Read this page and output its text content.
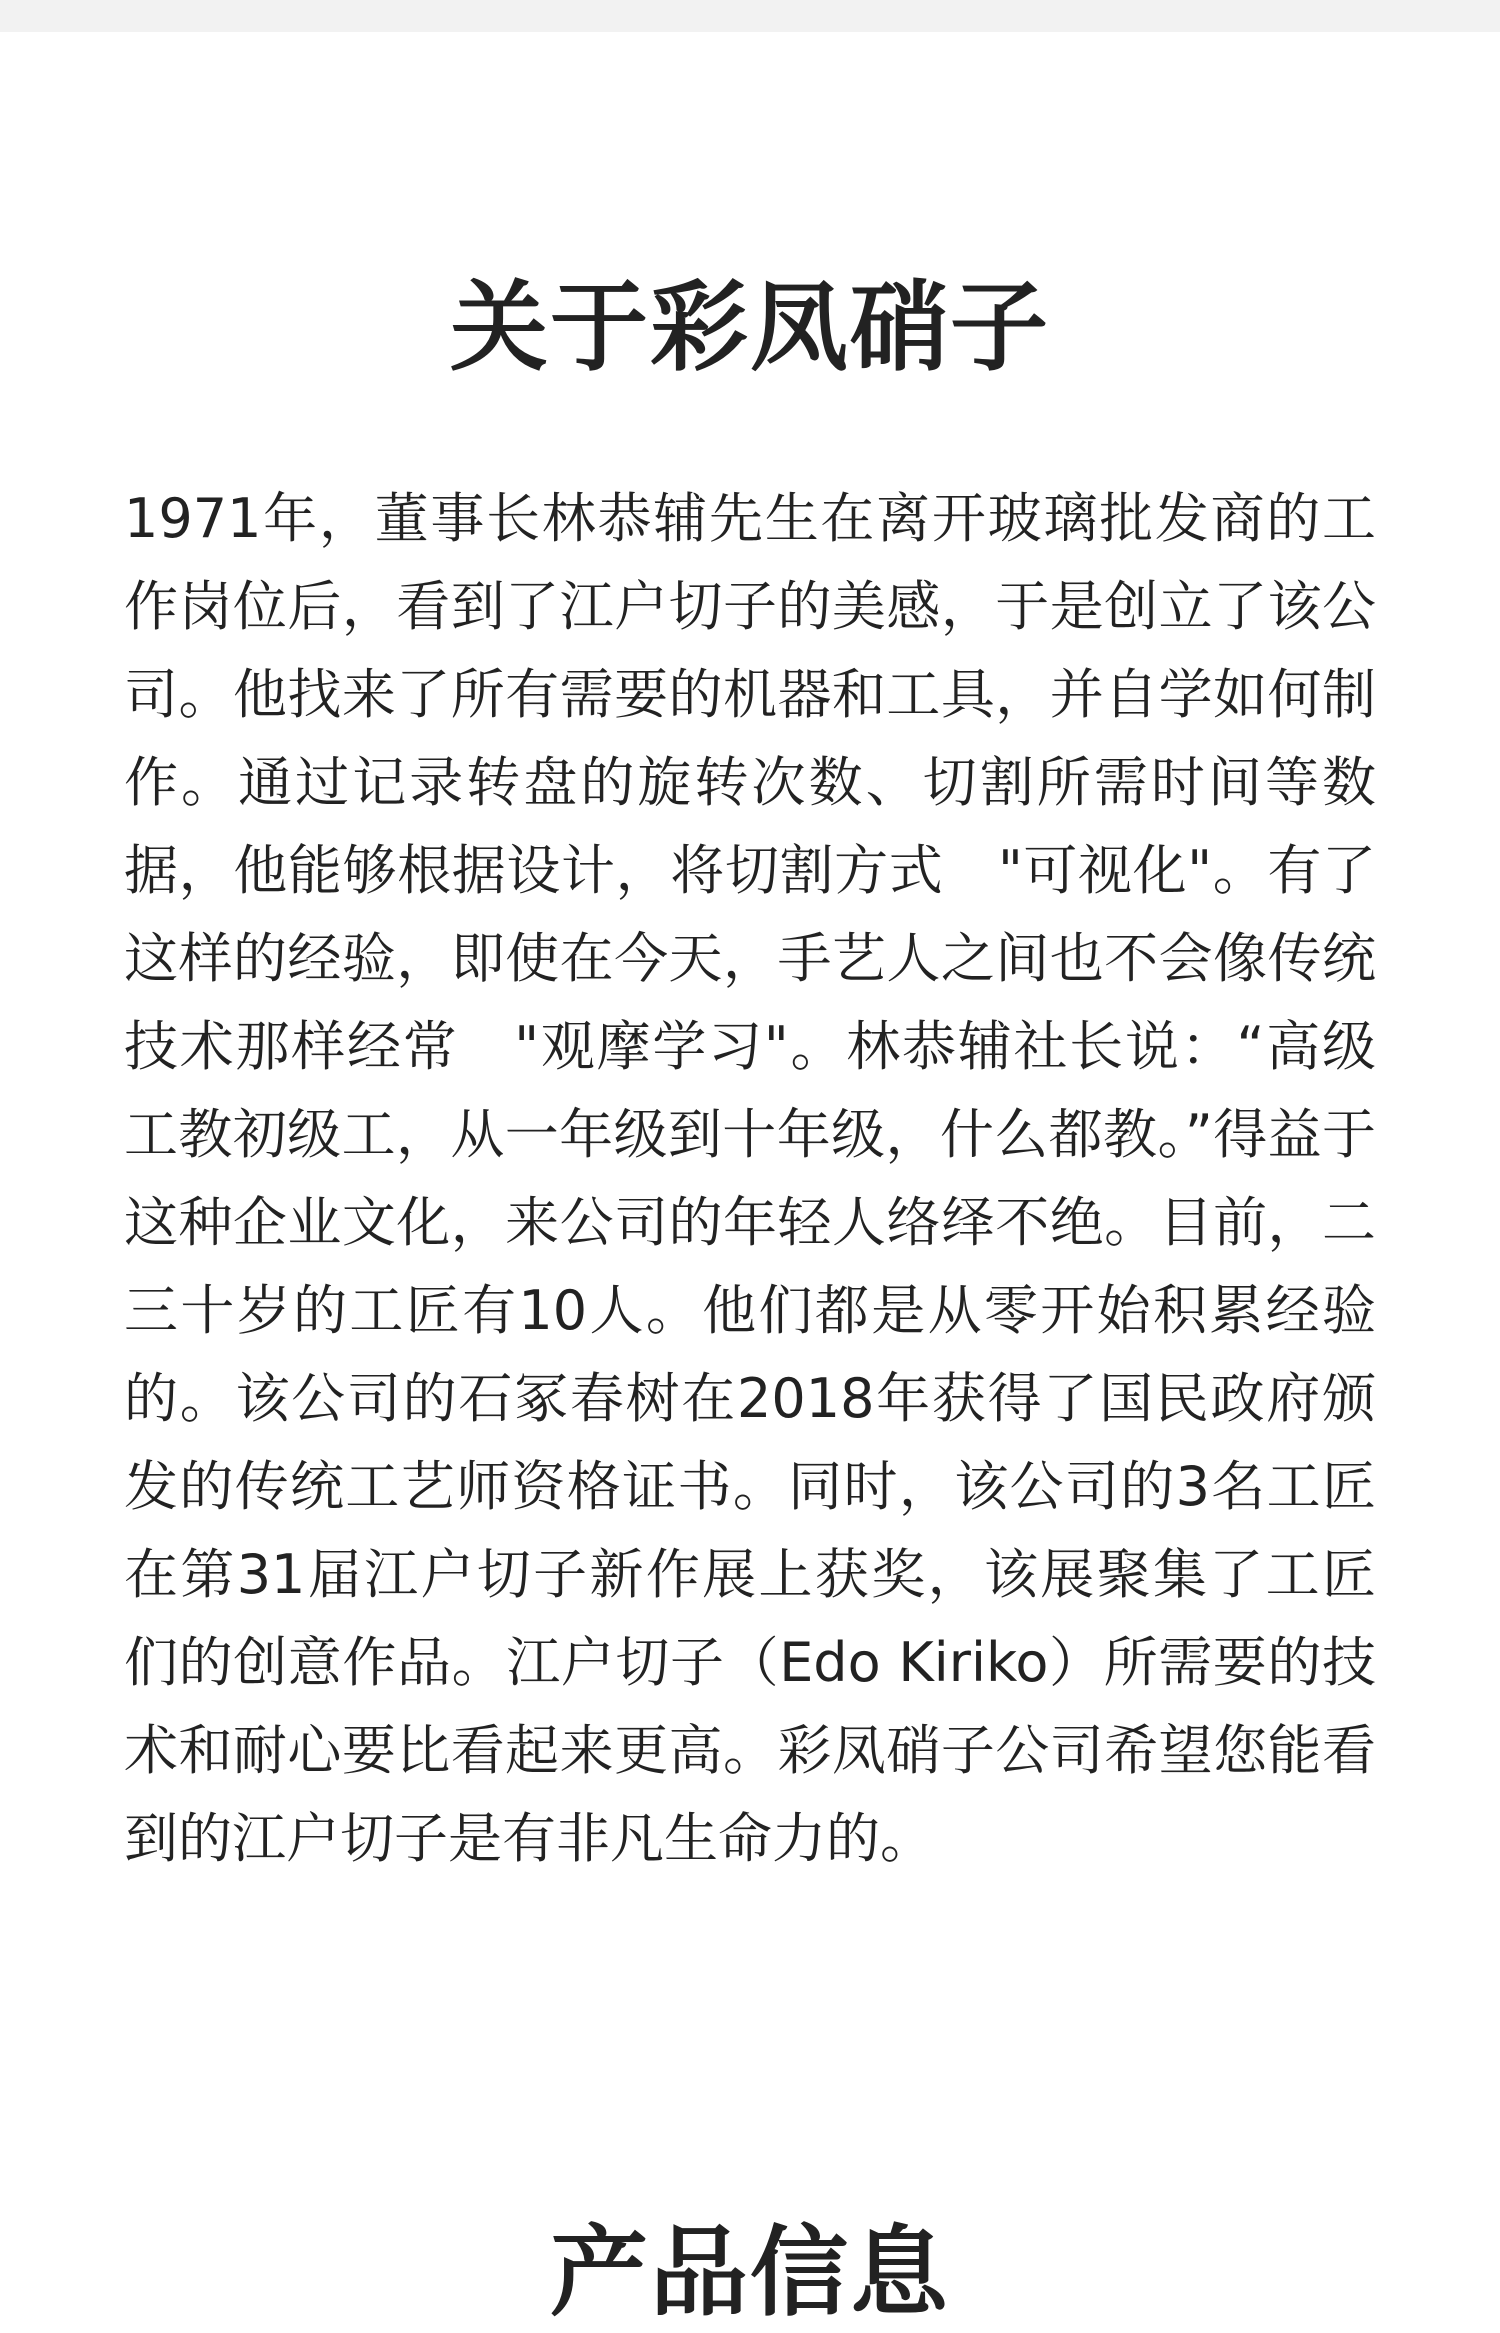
关于彩凤硝子

1971年，董事长林恭辅先生在离开玻璃批发商的工作岗位后，看到了江户切子的美感，于是创立了该公司。他找来了所有需要的机器和工具，并自学如何制作。通过记录转盘的旋转次数、切割所需时间等数据，他能够根据设计，将切割方式　"可视化"。有了这样的经验，即使在今天，手艺人之间也不会像传统技术那样经常　"观摩学习"。林恭辅社长说：“高级工教初级工，从一年级到十年级，什么都教。”得益于这种企业文化，来公司的年轻人络绎不绝。目前，二三十岁的工匠有10人。他们都是从零开始积累经验的。该公司的石冢春树在2018年获得了国民政府颁发的传统工艺师资格证书。同时，该公司的3名工匠在第31届江户切子新作展上获奖，该展聚集了工匠们的创意作品。江户切子（Edo Kiriko）所需要的技术和耐心要比看起来更高。彩凤硝子公司希望您能看到的江户切子是有非凡生命力的。

产品信息
